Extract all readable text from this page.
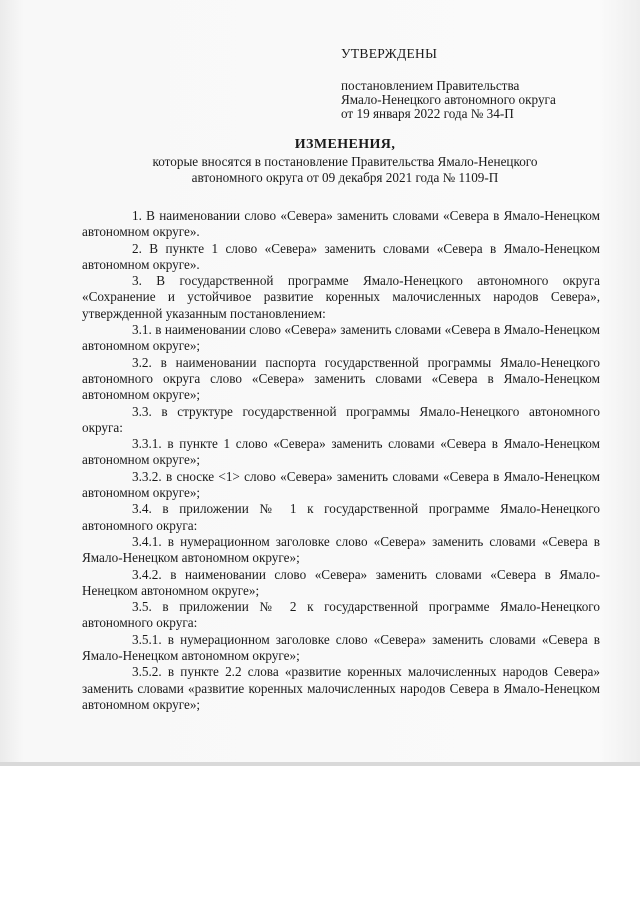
УТВЕРЖДЕНЫ
постановлением Правительства
Ямало-Ненецкого автономного округа
от 19 января 2022 года № 34-П
ИЗМЕНЕНИЯ,
которые вносятся в постановление Правительства Ямало-Ненецкого
автономного округа от 09 декабря 2021 года № 1109-П

1. В наименовании слово «Севера» заменить словами «Севера в Ямало-Ненецком автономном округе».

2. В пункте 1 слово «Севера» заменить словами «Севера в Ямало-Ненецком автономном округе».

3. В государственной программе Ямало-Ненецкого автономного округа «Сохранение и устойчивое развитие коренных малочисленных народов Севера», утвержденной указанным постановлением:

3.1. в наименовании слово «Севера» заменить словами «Севера в Ямало-Ненецком автономном округе»;

3.2. в наименовании паспорта государственной программы Ямало-Ненецкого автономного округа слово «Севера» заменить словами «Севера в Ямало-Ненецком автономном округе»;

3.3. в структуре государственной программы Ямало-Ненецкого автономного округа:

3.3.1. в пункте 1 слово «Севера» заменить словами «Севера в Ямало-Ненецком автономном округе»;

3.3.2. в сноске <1> слово «Севера» заменить словами «Севера в Ямало-Ненецком автономном округе»;

3.4. в приложении № 1 к государственной программе Ямало-Ненецкого автономного округа:

3.4.1. в нумерационном заголовке слово «Севера» заменить словами «Севера в Ямало-Ненецком автономном округе»;

3.4.2. в наименовании слово «Севера» заменить словами «Севера в Ямало-Ненецком автономном округе»;

3.5. в приложении № 2 к государственной программе Ямало-Ненецкого автономного округа:

3.5.1. в нумерационном заголовке слово «Севера» заменить словами «Севера в Ямало-Ненецком автономном округе»;

3.5.2. в пункте 2.2 слова «развитие коренных малочисленных народов Севера» заменить словами «развитие коренных малочисленных народов Севера в Ямало-Ненецком автономном округе»;
